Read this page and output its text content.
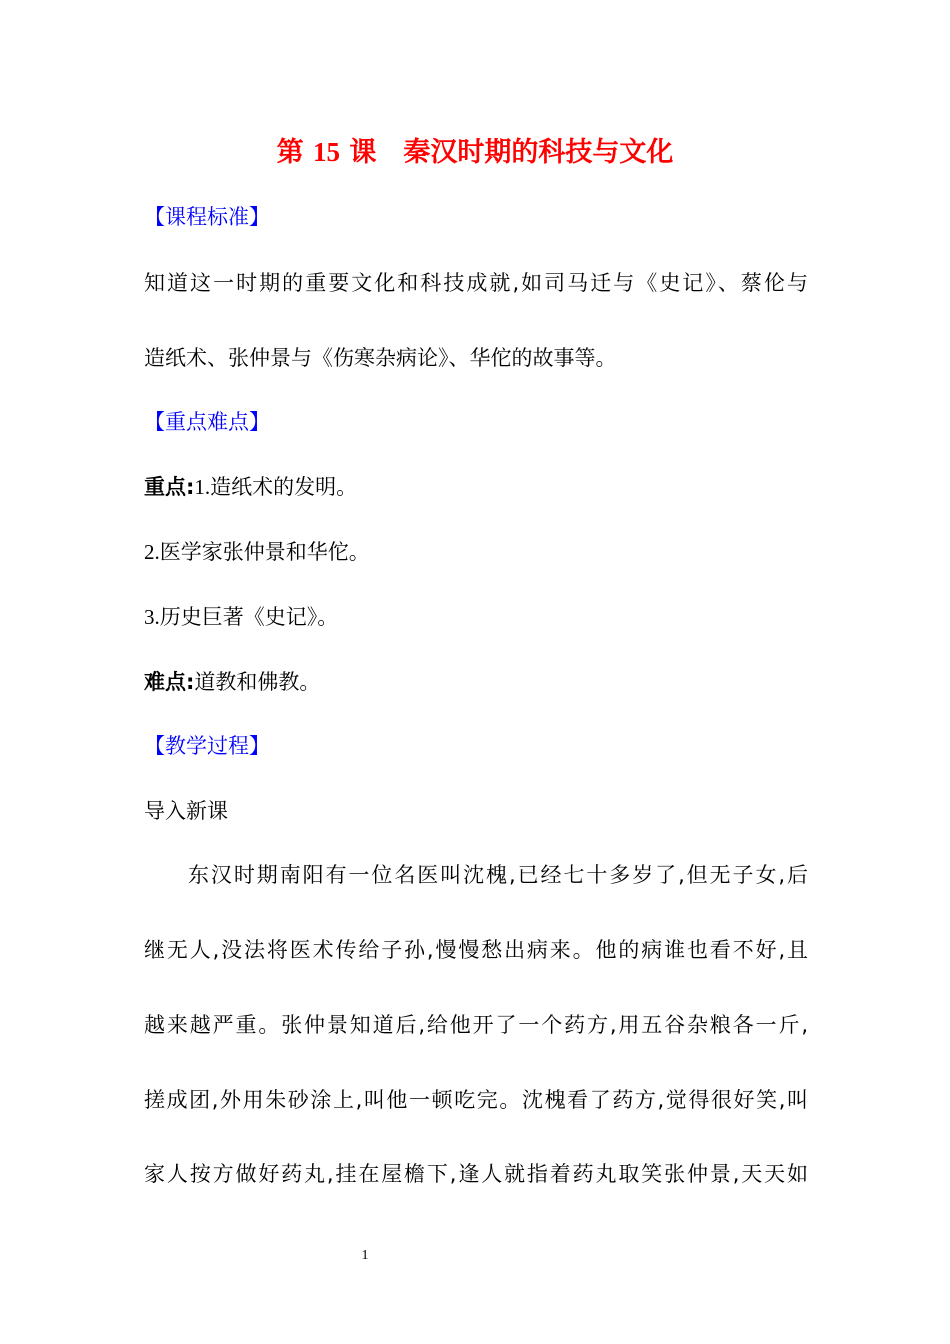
第 15 课　秦汉时期的科技与文化
【课程标准】
知道这一时期的重要文化和科技成就,如司马迁与《史记》、蔡伦与
造纸术、张仲景与《伤寒杂病论》、华佗的故事等。
【重点难点】
重点:1.造纸术的发明。
2.医学家张仲景和华佗。
3.历史巨著《史记》。
难点:道教和佛教。
【教学过程】
导入新课
东汉时期南阳有一位名医叫沈槐,已经七十多岁了,但无子女,后
继无人,没法将医术传给子孙,慢慢愁出病来。他的病谁也看不好,且
越来越严重。张仲景知道后,给他开了一个药方,用五谷杂粮各一斤,
搓成团,外用朱砂涂上,叫他一顿吃完。沈槐看了药方,觉得很好笑,叫
家人按方做好药丸,挂在屋檐下,逢人就指着药丸取笑张仲景,天天如
1
